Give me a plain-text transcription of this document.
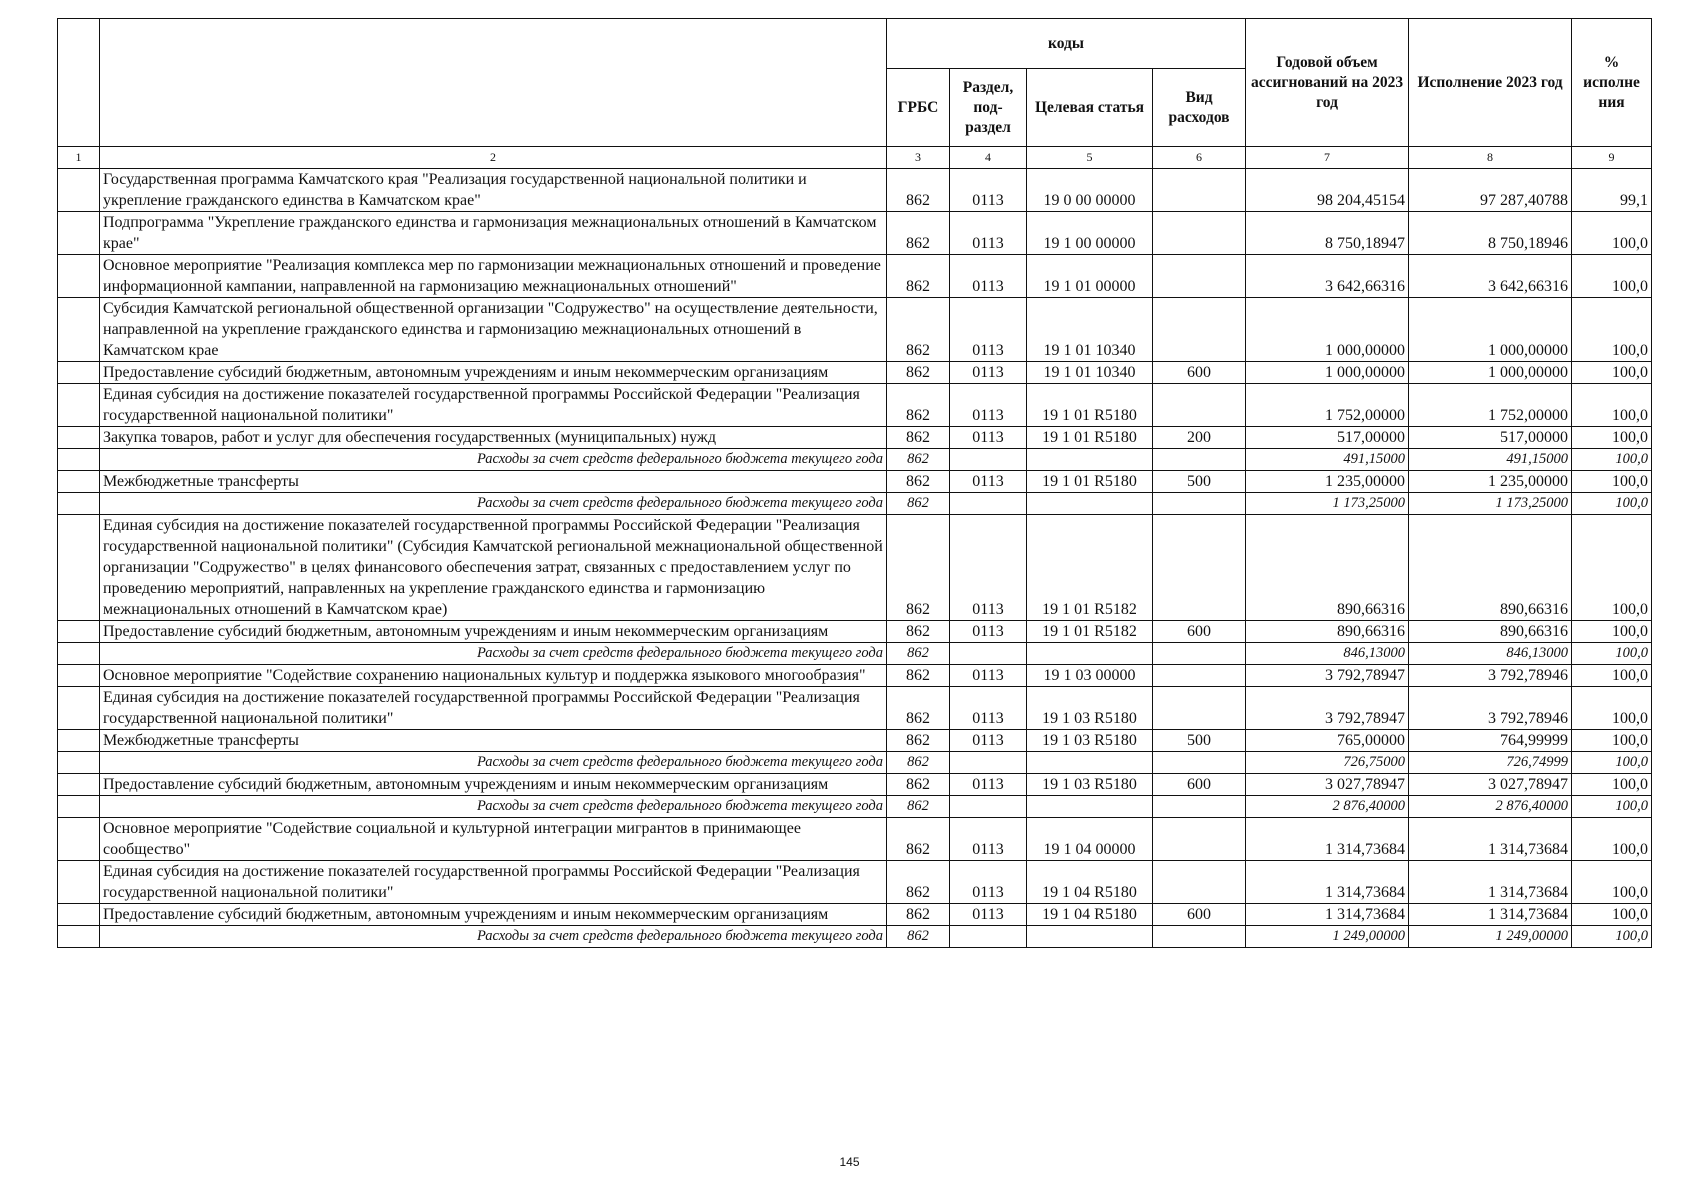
		коды				Годовой объем ассигнований на 2023 год	Исполнение 2023 год	% исполне ния
		ГРБС	Раздел, под-раздел	Целевая статья	Вид расходов			
1	2	3	4	5	6	7	8	9
	Государственная программа Камчатского края "Реализация государственной национальной политики и укрепление гражданского единства в Камчатском крае"	862	0113	19 0 00 00000		98 204,45154	97 287,40788	99,1
	Подпрограмма "Укрепление гражданского единства и гармонизация межнациональных отношений в Камчатском крае"	862	0113	19 1 00 00000		8 750,18947	8 750,18946	100,0
	Основное мероприятие "Реализация комплекса мер по гармонизации межнациональных отношений и проведение информационной кампании, направленной на гармонизацию межнациональных отношений"	862	0113	19 1 01 00000		3 642,66316	3 642,66316	100,0
	Субсидия Камчатской региональной общественной организации "Содружество" на осуществление деятельности, направленной на укрепление гражданского единства и гармонизацию межнациональных отношений в Камчатском крае	862	0113	19 1 01 10340		1 000,00000	1 000,00000	100,0
	Предоставление субсидий бюджетным, автономным учреждениям и иным некоммерческим организациям	862	0113	19 1 01 10340	600	1 000,00000	1 000,00000	100,0
	Единая субсидия на достижение показателей государственной программы Российской Федерации "Реализация государственной национальной политики"	862	0113	19 1 01 R5180		1 752,00000	1 752,00000	100,0
	Закупка товаров, работ и услуг для обеспечения государственных (муниципальных) нужд	862	0113	19 1 01 R5180	200	517,00000	517,00000	100,0
	Расходы за счет средств федерального бюджета текущего года	862				491,15000	491,15000	100,0
	Межбюджетные трансферты	862	0113	19 1 01 R5180	500	1 235,00000	1 235,00000	100,0
	Расходы за счет средств федерального бюджета текущего года	862				1 173,25000	1 173,25000	100,0
	Единая субсидия на достижение показателей государственной программы Российской Федерации "Реализация государственной национальной политики" (Субсидия Камчатской региональной межнациональной общественной организации "Содружество" в целях финансового обеспечения затрат, связанных с предоставлением услуг по проведению мероприятий, направленных на укрепление гражданского единства и гармонизацию межнациональных отношений в Камчатском крае)	862	0113	19 1 01 R5182		890,66316	890,66316	100,0
	Предоставление субсидий бюджетным, автономным учреждениям и иным некоммерческим организациям	862	0113	19 1 01 R5182	600	890,66316	890,66316	100,0
	Расходы за счет средств федерального бюджета текущего года	862				846,13000	846,13000	100,0
	Основное мероприятие "Содействие сохранению национальных культур и поддержка языкового многообразия"	862	0113	19 1 03 00000		3 792,78947	3 792,78946	100,0
	Единая субсидия на достижение показателей государственной программы Российской Федерации "Реализация государственной национальной политики"	862	0113	19 1 03 R5180		3 792,78947	3 792,78946	100,0
	Межбюджетные трансферты	862	0113	19 1 03 R5180	500	765,00000	764,99999	100,0
	Расходы за счет средств федерального бюджета текущего года	862				726,75000	726,74999	100,0
	Предоставление субсидий бюджетным, автономным учреждениям и иным некоммерческим организациям	862	0113	19 1 03 R5180	600	3 027,78947	3 027,78947	100,0
	Расходы за счет средств федерального бюджета текущего года	862				2 876,40000	2 876,40000	100,0
	Основное мероприятие "Содействие социальной и культурной интеграции мигрантов в принимающее сообщество"	862	0113	19 1 04 00000		1 314,73684	1 314,73684	100,0
	Единая субсидия на достижение показателей государственной программы Российской Федерации "Реализация государственной национальной политики"	862	0113	19 1 04 R5180		1 314,73684	1 314,73684	100,0
	Предоставление субсидий бюджетным, автономным учреждениям и иным некоммерческим организациям	862	0113	19 1 04 R5180	600	1 314,73684	1 314,73684	100,0
	Расходы за счет средств федерального бюджета текущего года	862				1 249,00000	1 249,00000	100,0
145
